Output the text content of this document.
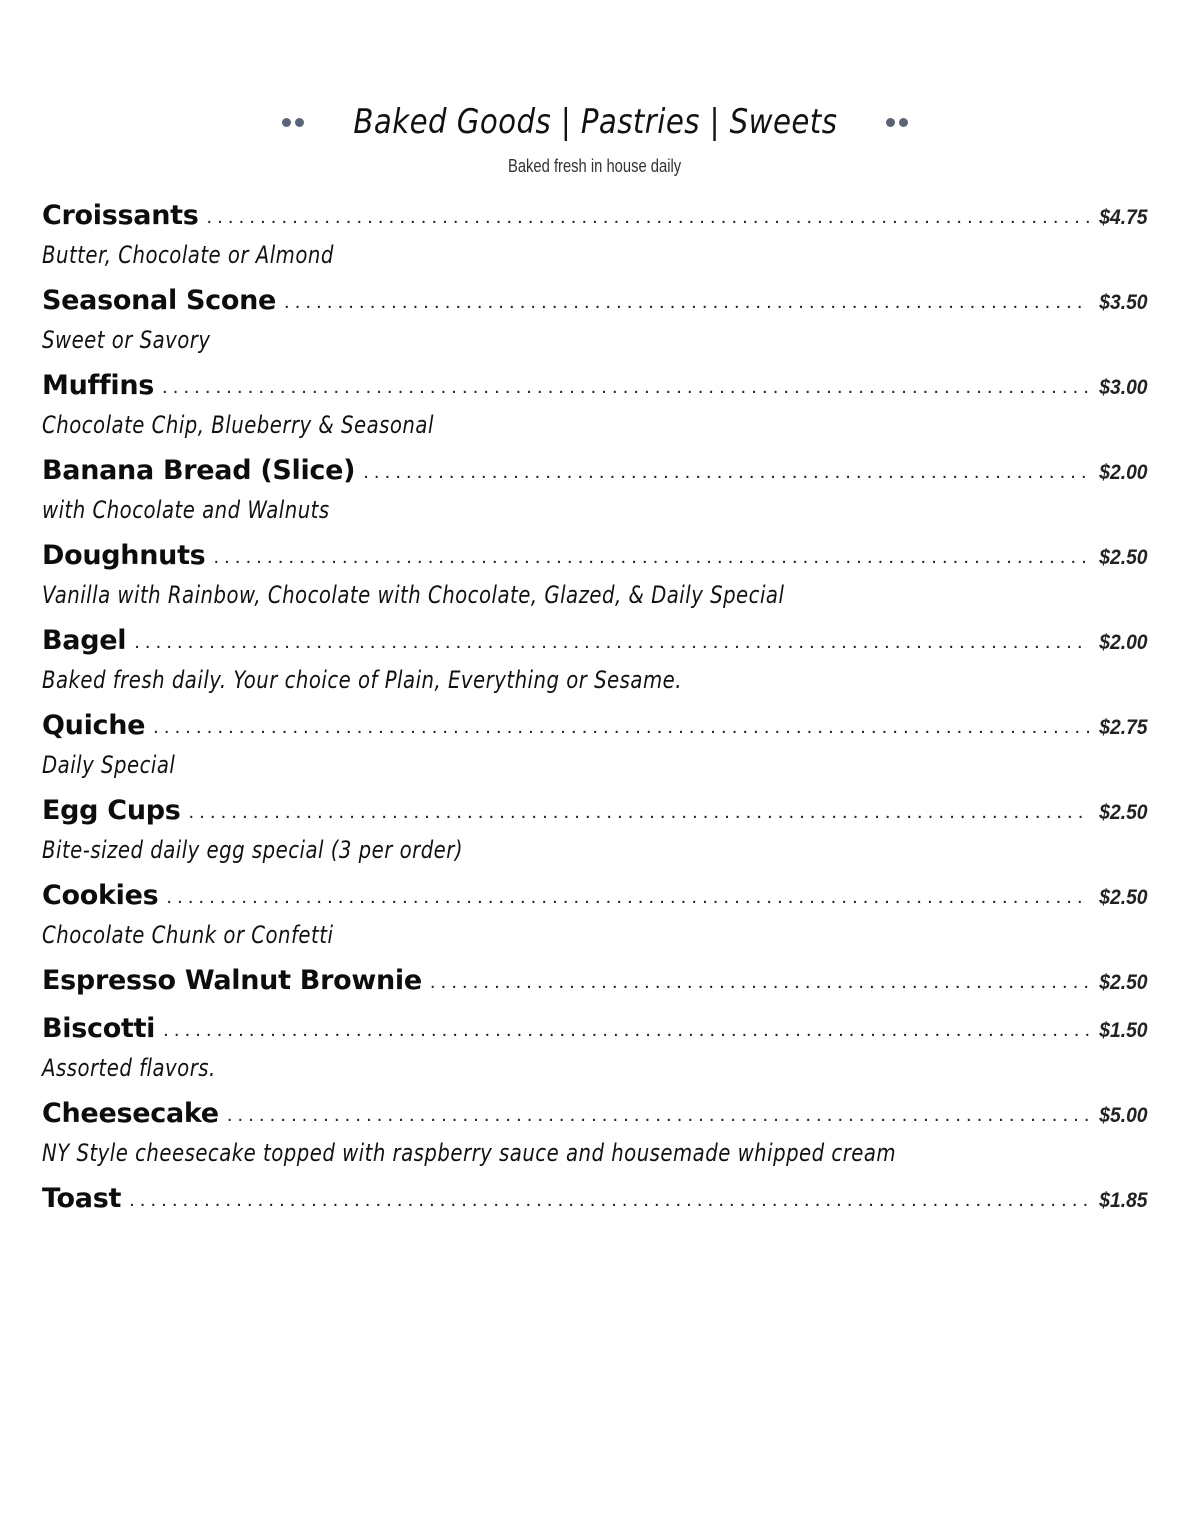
Baked Goods | Pastries | Sweets
Baked fresh in house daily
Croissants . . .	$4.75
Butter, Chocolate or Almond
Seasonal Scone . . .	$3.50
Sweet or Savory
Muffins . . .	$3.00
Chocolate Chip, Blueberry & Seasonal
Banana Bread (Slice) . . .	$2.00
with Chocolate and Walnuts
Doughnuts . . .	$2.50
Vanilla with Rainbow, Chocolate with Chocolate, Glazed, & Daily Special
Bagel . . .	$2.00
Baked fresh daily. Your choice of Plain, Everything or Sesame.
Quiche . . .	$2.75
Daily Special
Egg Cups . . .	$2.50
Bite-sized daily egg special (3 per order)
Cookies . . .	$2.50
Chocolate Chunk or Confetti
Espresso Walnut Brownie . . .	$2.50
Biscotti . . .	$1.50
Assorted flavors.
Cheesecake . . .	$5.00
NY Style cheesecake topped with raspberry sauce and housemade whipped cream
Toast . . .	$1.85
